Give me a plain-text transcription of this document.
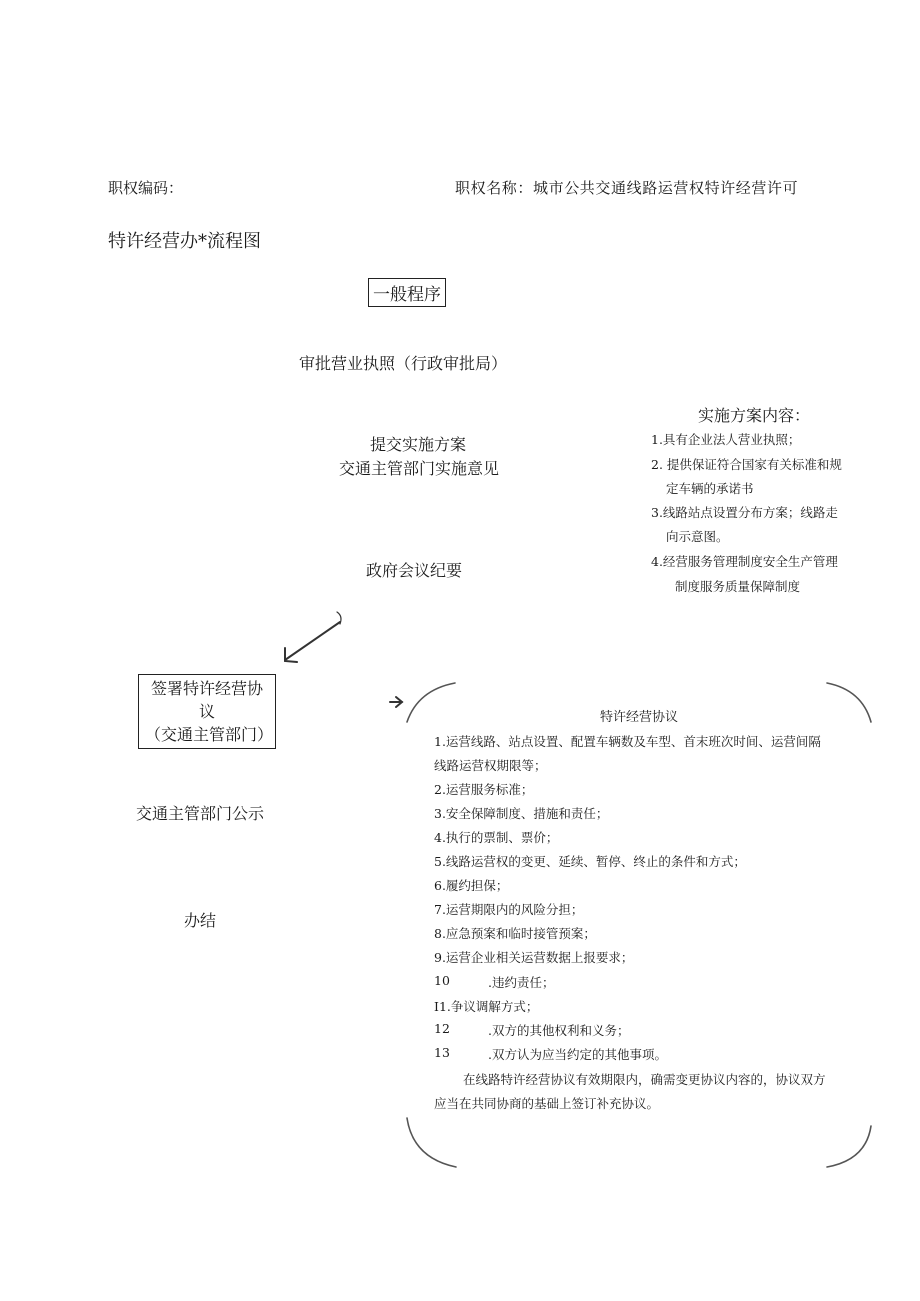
职权编码：	职权名称：城市公共交通线路运营权特许经营许可
特许经营办*流程图
一般程序
审批营业执照（行政审批局）
提交实施方案
交通主管部门实施意见
政府会议纪要
实施方案内容：
1.具有企业法人营业执照；
2. 提供保证符合国家有关标准和规
定车辆的承诺书
3.线路站点设置分布方案；线路走
向示意图。
4.经营服务管理制度安全生产管理
制度服务质量保障制度
签署特许经营协议
（交通主管部门）
交通主管部门公示
办结
特许经营协议
1.运营线路、站点设置、配置车辆数及车型、首末班次时间、运营间隔
线路运营权期限等；
2.运营服务标准；
3.安全保障制度、措施和责任；
4.执行的票制、票价；
5.线路运营权的变更、延续、暂停、终止的条件和方式；
6.履约担保；
7.运营期限内的风险分担；
8.应急预案和临时接管预案；
9.运营企业相关运营数据上报要求；
10	.违约责任；
I1.争议调解方式；
12	.双方的其他权利和义务；
13	.双方认为应当约定的其他事项。
在线路特许经营协议有效期限内，确需变更协议内容的，协议双方
应当在共同协商的基础上签订补充协议。
